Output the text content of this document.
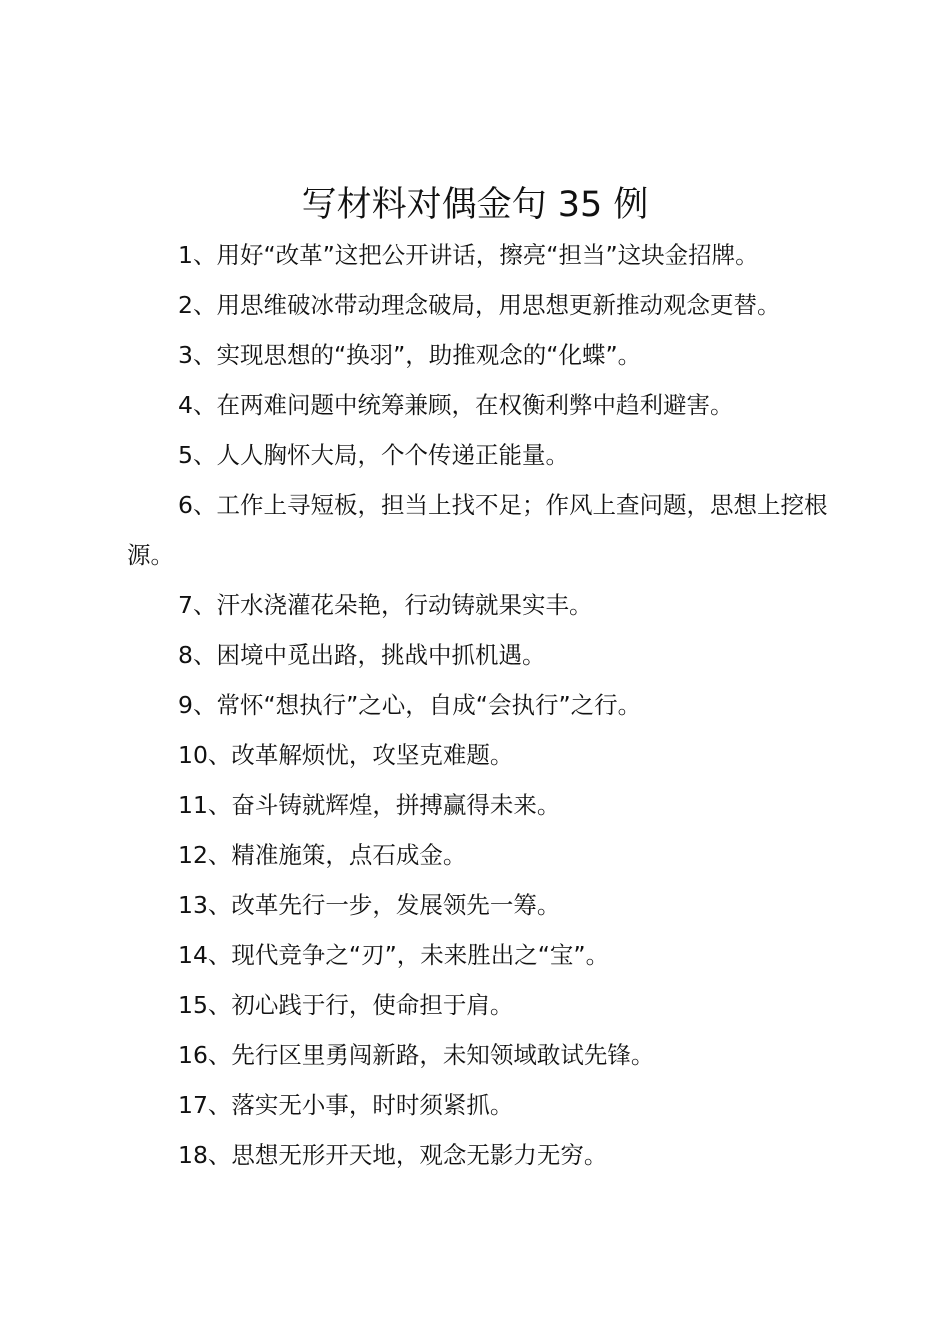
写材料对偶金句 35 例

1、用好“改革”这把公开讲话，擦亮“担当”这块金招牌。

2、用思维破冰带动理念破局，用思想更新推动观念更替。

3、实现思想的“换羽”，助推观念的“化蝶”。

4、在两难问题中统筹兼顾，在权衡利弊中趋利避害。

5、人人胸怀大局，个个传递正能量。

6、工作上寻短板，担当上找不足；作风上查问题，思想上挖根源。

7、汗水浇灌花朵艳，行动铸就果实丰。

8、困境中觅出路，挑战中抓机遇。

9、常怀“想执行”之心，自成“会执行”之行。

10、改革解烦忧，攻坚克难题。

11、奋斗铸就辉煌，拼搏赢得未来。

12、精准施策，点石成金。

13、改革先行一步，发展领先一筹。

14、现代竞争之“刃”，未来胜出之“宝”。

15、初心践于行，使命担于肩。

16、先行区里勇闯新路，未知领域敢试先锋。

17、落实无小事，时时须紧抓。

18、思想无形开天地，观念无影力无穷。
